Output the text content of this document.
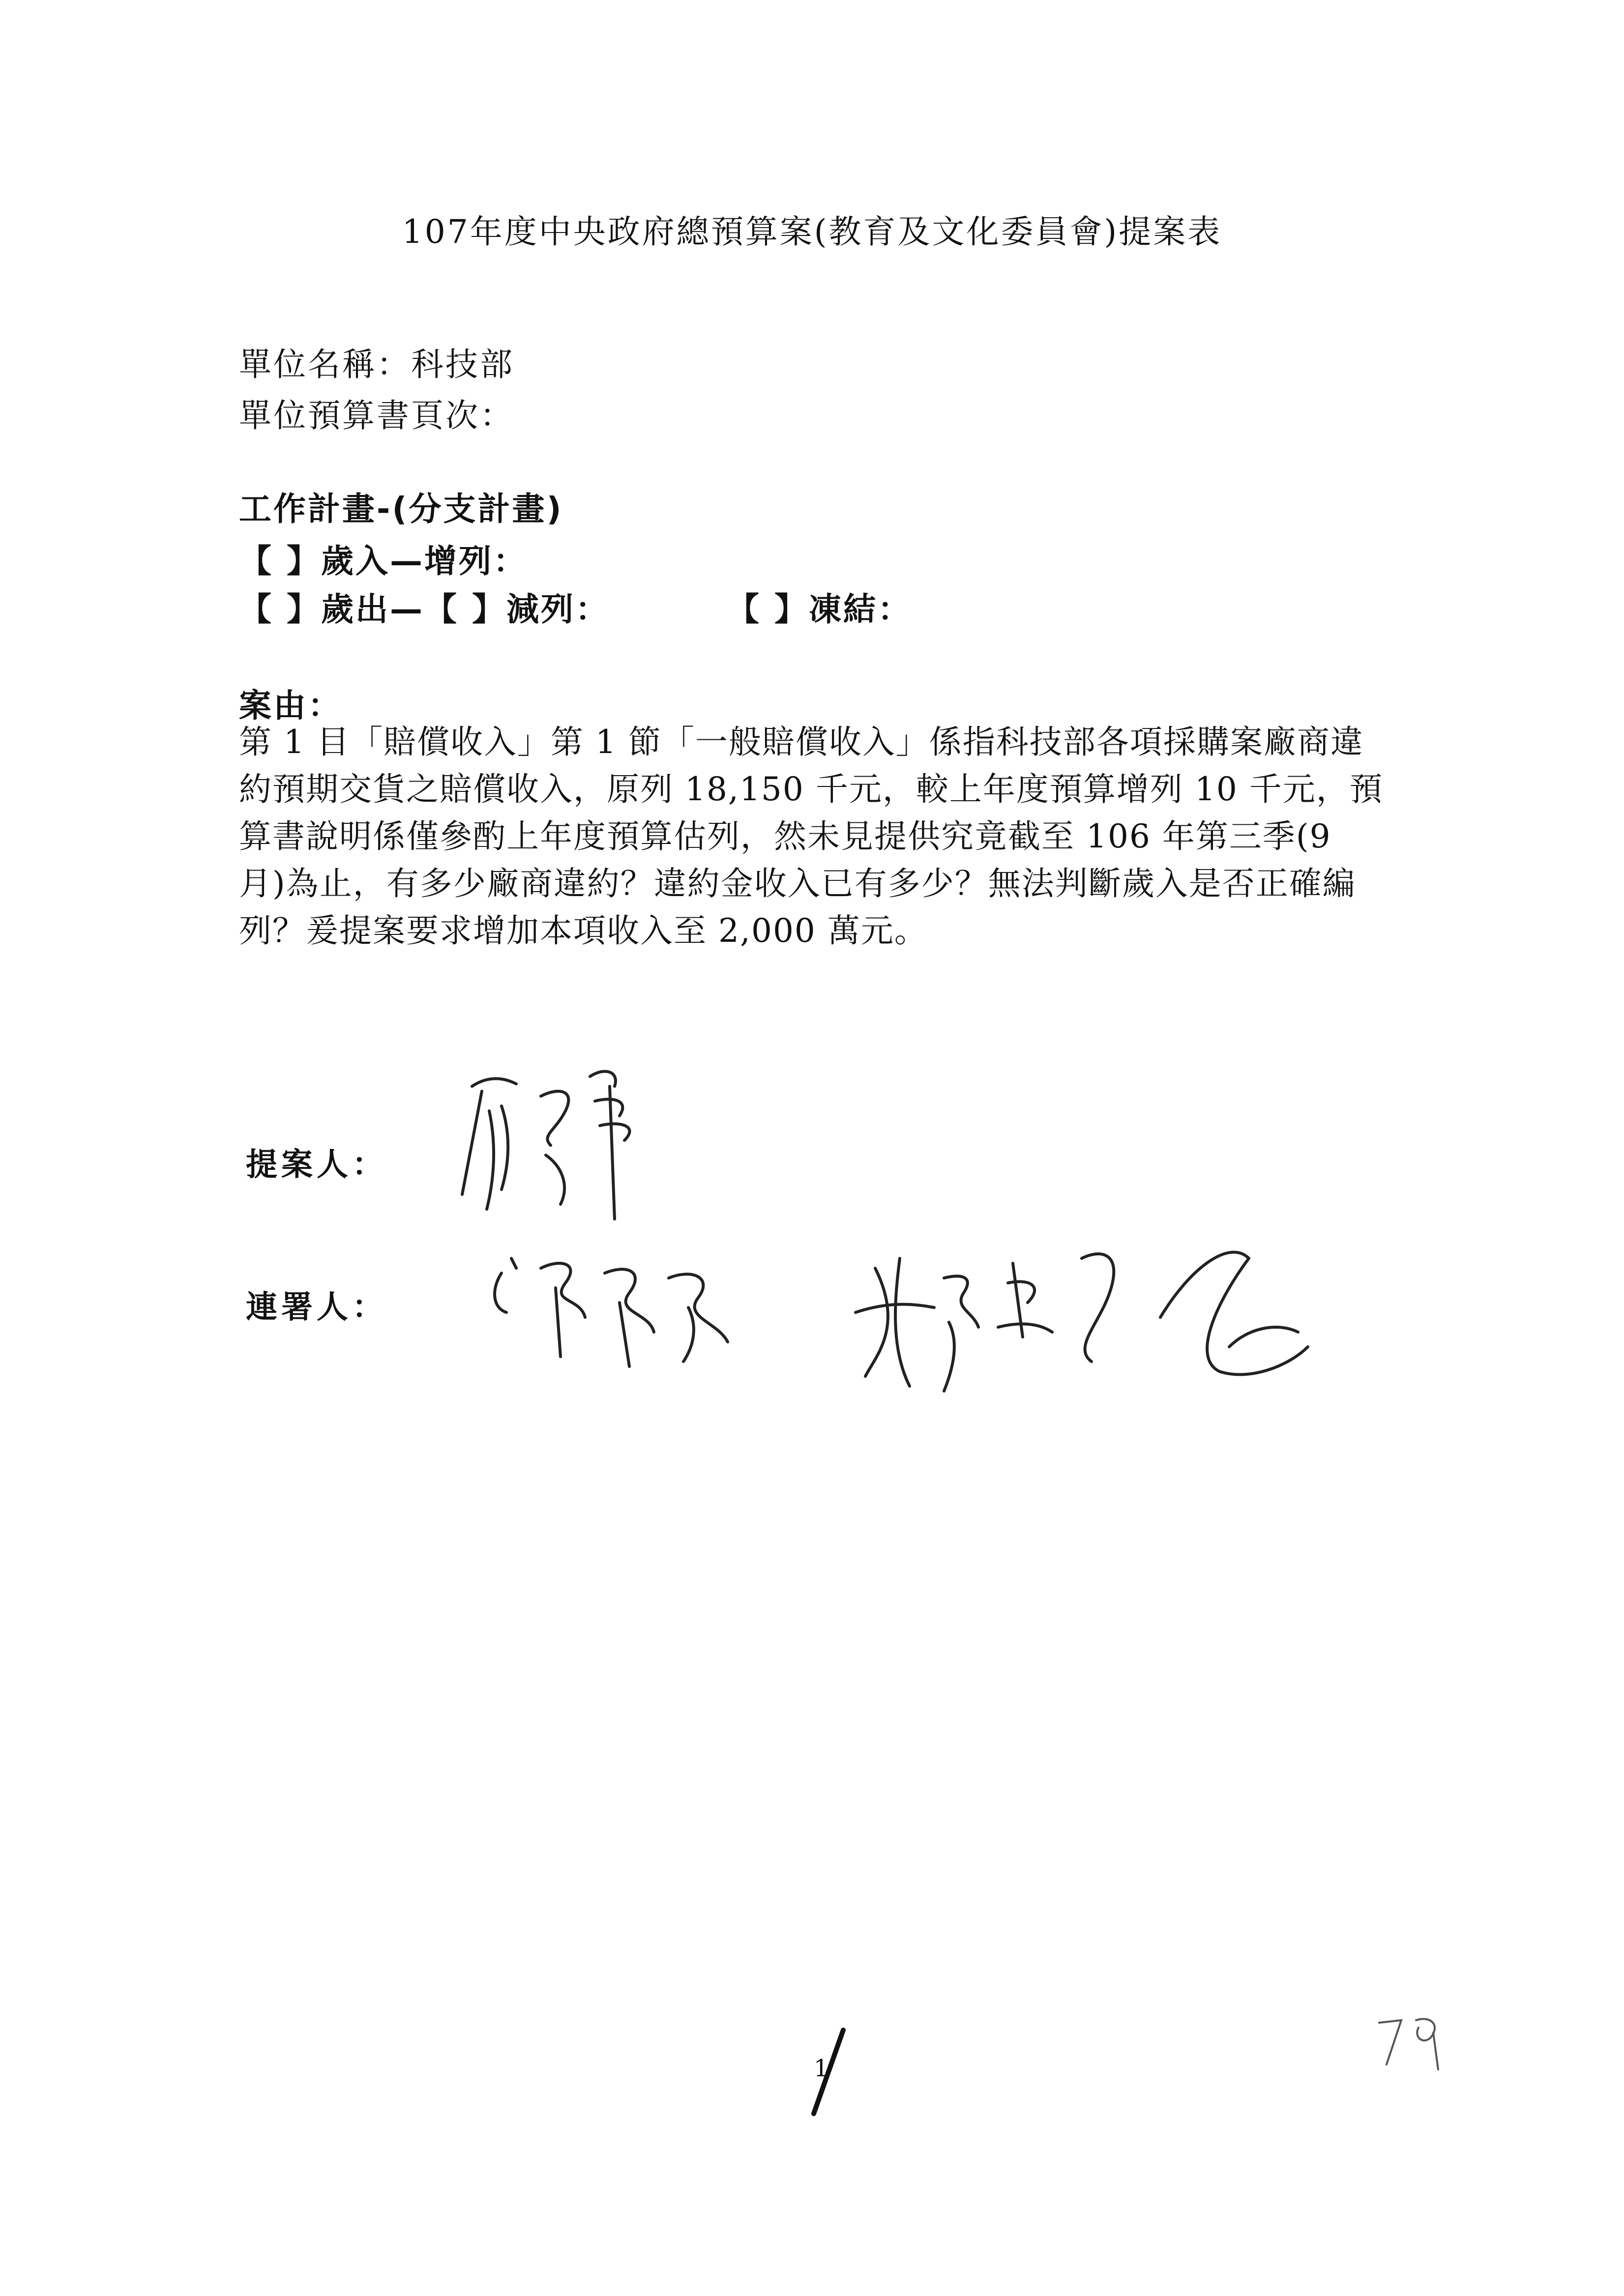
107年度中央政府總預算案(教育及文化委員會)提案表
單位名稱：科技部
單位預算書頁次：
工作計畫-(分支計畫)
【 】歲入—增列：
【 】歲出—【 】減列：	【 】凍結：
案由：
第 1 目「賠償收入」第 1 節「一般賠償收入」係指科技部各項採購案廠商違約預期交貨之賠償收入，原列 18,150 千元，較上年度預算增列 10 千元，預算書說明係僅參酌上年度預算估列，然未見提供究竟截至 106 年第三季(9 月)為止，有多少廠商違約？違約金收入已有多少？無法判斷歲入是否正確編列？爰提案要求增加本項收入至 2,000 萬元。
提案人：
連署人：
1
